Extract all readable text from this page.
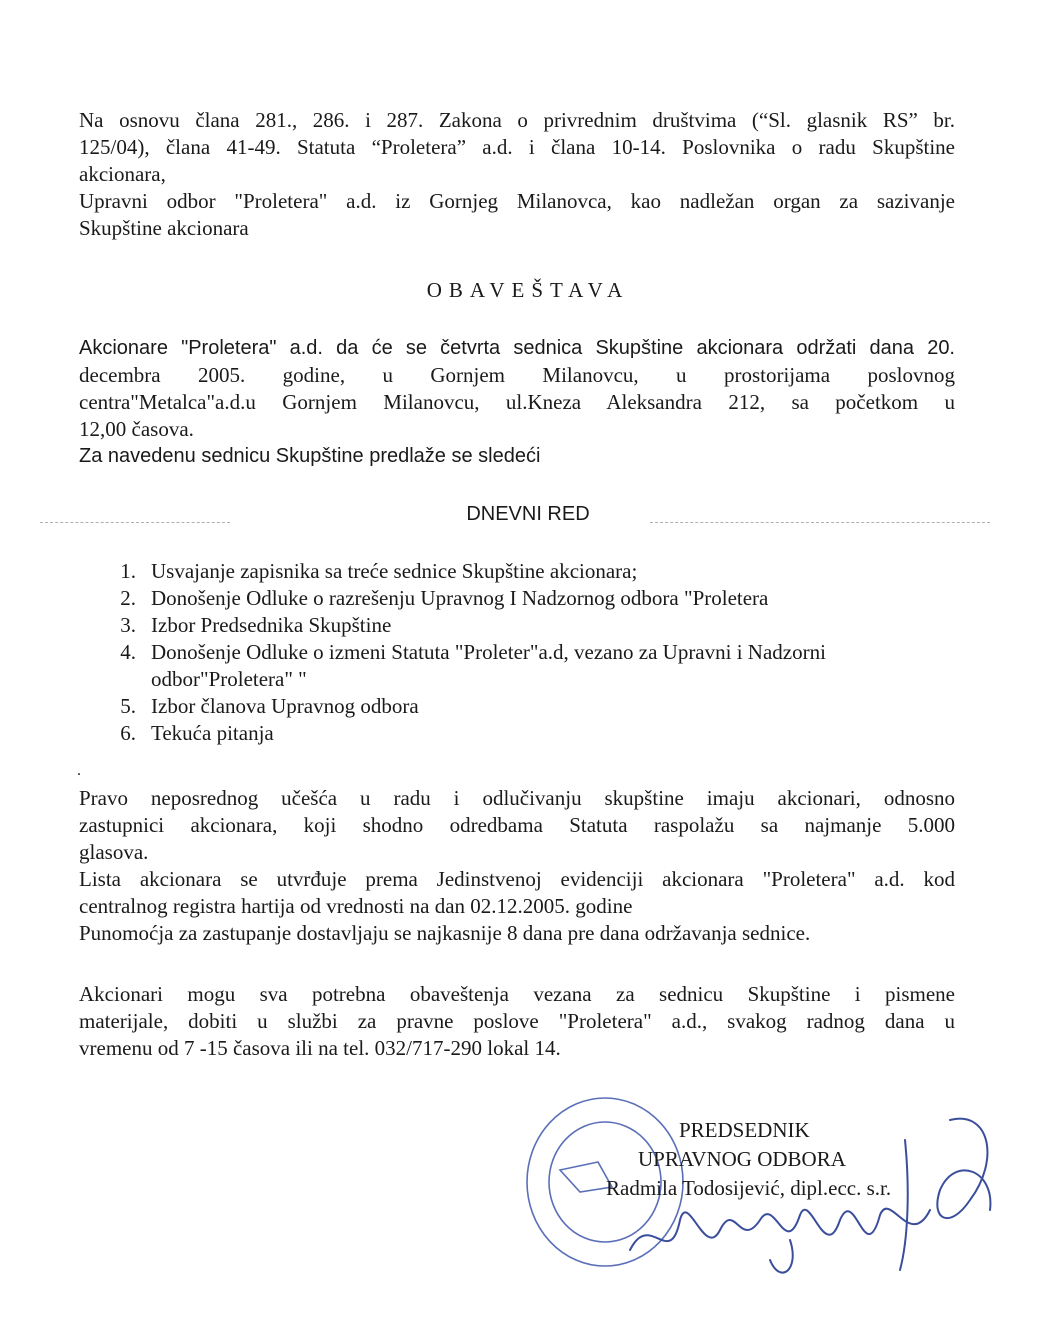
Na osnovu člana 281., 286. i 287. Zakona o privrednim društvima (“Sl. glasnik RS” br.
125/04), člana 41-49. Statuta “Proletera” a.d. i člana 10-14. Poslovnika o radu Skupštine
akcionara,
Upravni odbor "Proletera" a.d. iz Gornjeg Milanovca, kao nadležan organ za sazivanje
Skupštine akcionara

OBAVEŠTAVA

Akcionare "Proletera" a.d. da će se četvrta sednica Skupštine akcionara održati dana 20.
decembra 2005. godine, u Gornjem Milanovcu, u prostorijama poslovnog
centra"Metalca"a.d.u Gornjem Milanovcu, ul.Kneza Aleksandra 212, sa početkom u
12,00 časova.
Za navedenu sednicu Skupštine predlaže se sledeći

DNEVNI RED

1. Usvajanje zapisnika sa treće sednice Skupštine akcionara;
2. Donošenje Odluke o razrešenju Upravnog I Nadzornog odbora "Proletera
3. Izbor Predsednika Skupštine
4. Donošenje Odluke o izmeni Statuta "Proleter"a.d, vezano za Upravni i Nadzorni
odbor"Proletera" "
5. Izbor članova Upravnog odbora
6. Tekuća pitanja
.
Pravo neposrednog učešća u radu i odlučivanju skupštine imaju akcionari, odnosno
zastupnici akcionara, koji shodno odredbama Statuta raspolažu sa najmanje 5.000
glasova.
Lista akcionara se utvrđuje prema Jedinstvenoj evidenciji akcionara "Proletera" a.d. kod
centralnog registra hartija od vrednosti na dan 02.12.2005. godine
Punomoćja za zastupanje dostavljaju se najkasnije 8 dana pre dana održavanja sednice.
Akcionari mogu sva potrebna obaveštenja vezana za sednicu Skupštine i pismene
materijale, dobiti u službi za pravne poslove "Proletera" a.d., svakog radnog dana u
vremenu od 7 -15 časova ili na tel. 032/717-290 lokal 14.

PREDSEDNIK

UPRAVNOG ODBORA

Radmila Todosijević, dipl.ecc. s.r.
